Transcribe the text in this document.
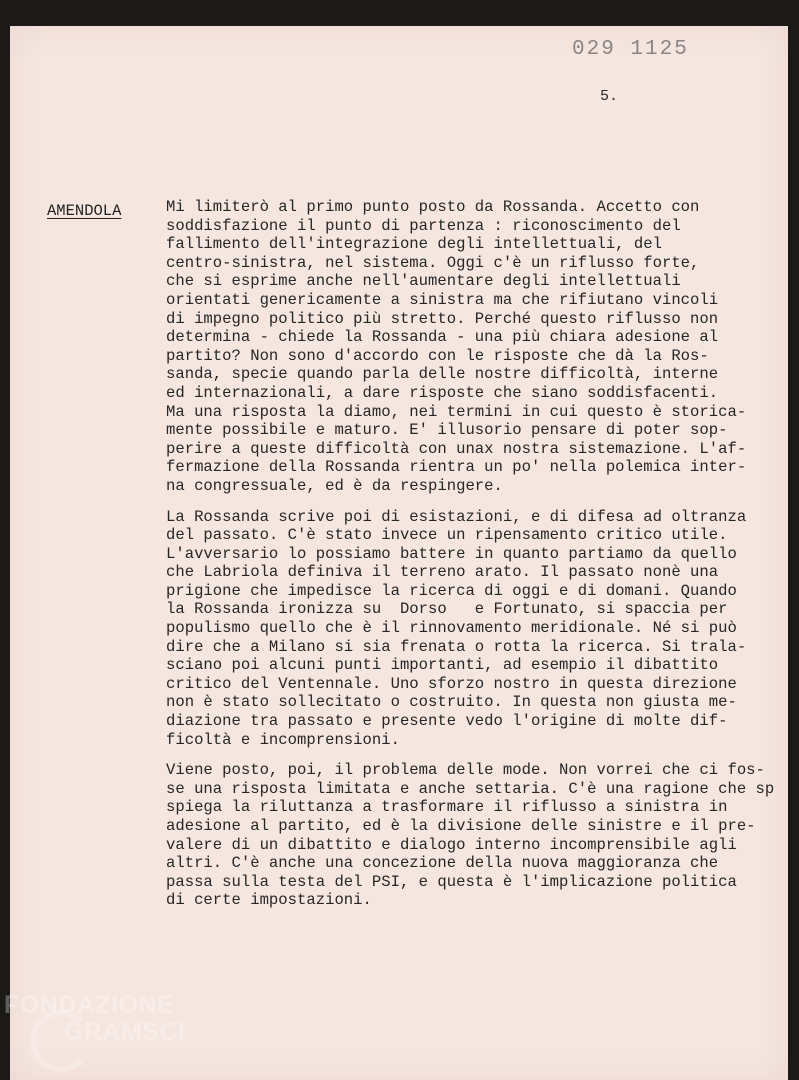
029 1125
5.
AMENDOLA	Mi limiterò al primo punto posto da Rossanda. Accetto con
soddisfazione il punto di partenza : riconoscimento del
fallimento dell'integrazione degli intellettuali, del
centro-sinistra, nel sistema. Oggi c'è un riflusso forte,
che si esprime anche nell'aumentare degli intellettuali
orientati genericamente a sinistra ma che rifiutano vincoli
di impegno politico più stretto. Perché questo riflusso non
determina - chiede la Rossanda - una più chiara adesione al
partito? Non sono d'accordo con le risposte che dà la Ros-
sanda, specie quando parla delle nostre difficoltà, interne
ed internazionali, a dare risposte che siano soddisfacenti.
Ma una risposta la diamo, nei termini in cui questo è storica-
mente possibile e maturo. E' illusorio pensare di poter sop-
perire a queste difficoltà con unax nostra sistemazione. L'af-
fermazione della Rossanda rientra un po' nella polemica inter-
na congressuale, ed è da respingere.
La Rossanda scrive poi di esistazioni, e di difesa ad oltranza
del passato. C'è stato invece un ripensamento critico utile.
L'avversario lo possiamo battere in quanto partiamo da quello
che Labriola definiva il terreno arato. Il passato nonè una
prigione che impedisce la ricerca di oggi e di domani. Quando
la Rossanda ironizza su  Dorso   e Fortunato, si spaccia per
populismo quello che è il rinnovamento meridionale. Né si può
dire che a Milano si sia frenata o rotta la ricerca. Si trala-
sciano poi alcuni punti importanti, ad esempio il dibattito
critico del Ventennale. Uno sforzo nostro in questa direzione
non è stato sollecitato o costruito. In questa non giusta me-
diazione tra passato e presente vedo l'origine di molte dif-
ficoltà e incomprensioni.
Viene posto, poi, il problema delle mode. Non vorrei che ci fos-
se una risposta limitata e anche settaria. C'è una ragione che sp
spiega la riluttanza a trasformare il riflusso a sinistra in
adesione al partito, ed è la divisione delle sinistre e il pre-
valere di un dibattito e dialogo interno incomprensibile agli
altri. C'è anche una concezione della nuova maggioranza che
passa sulla testa del PSI, e questa è l'implicazione politica
di certe impostazioni.
FONDAZIONE
GRAMSCI
